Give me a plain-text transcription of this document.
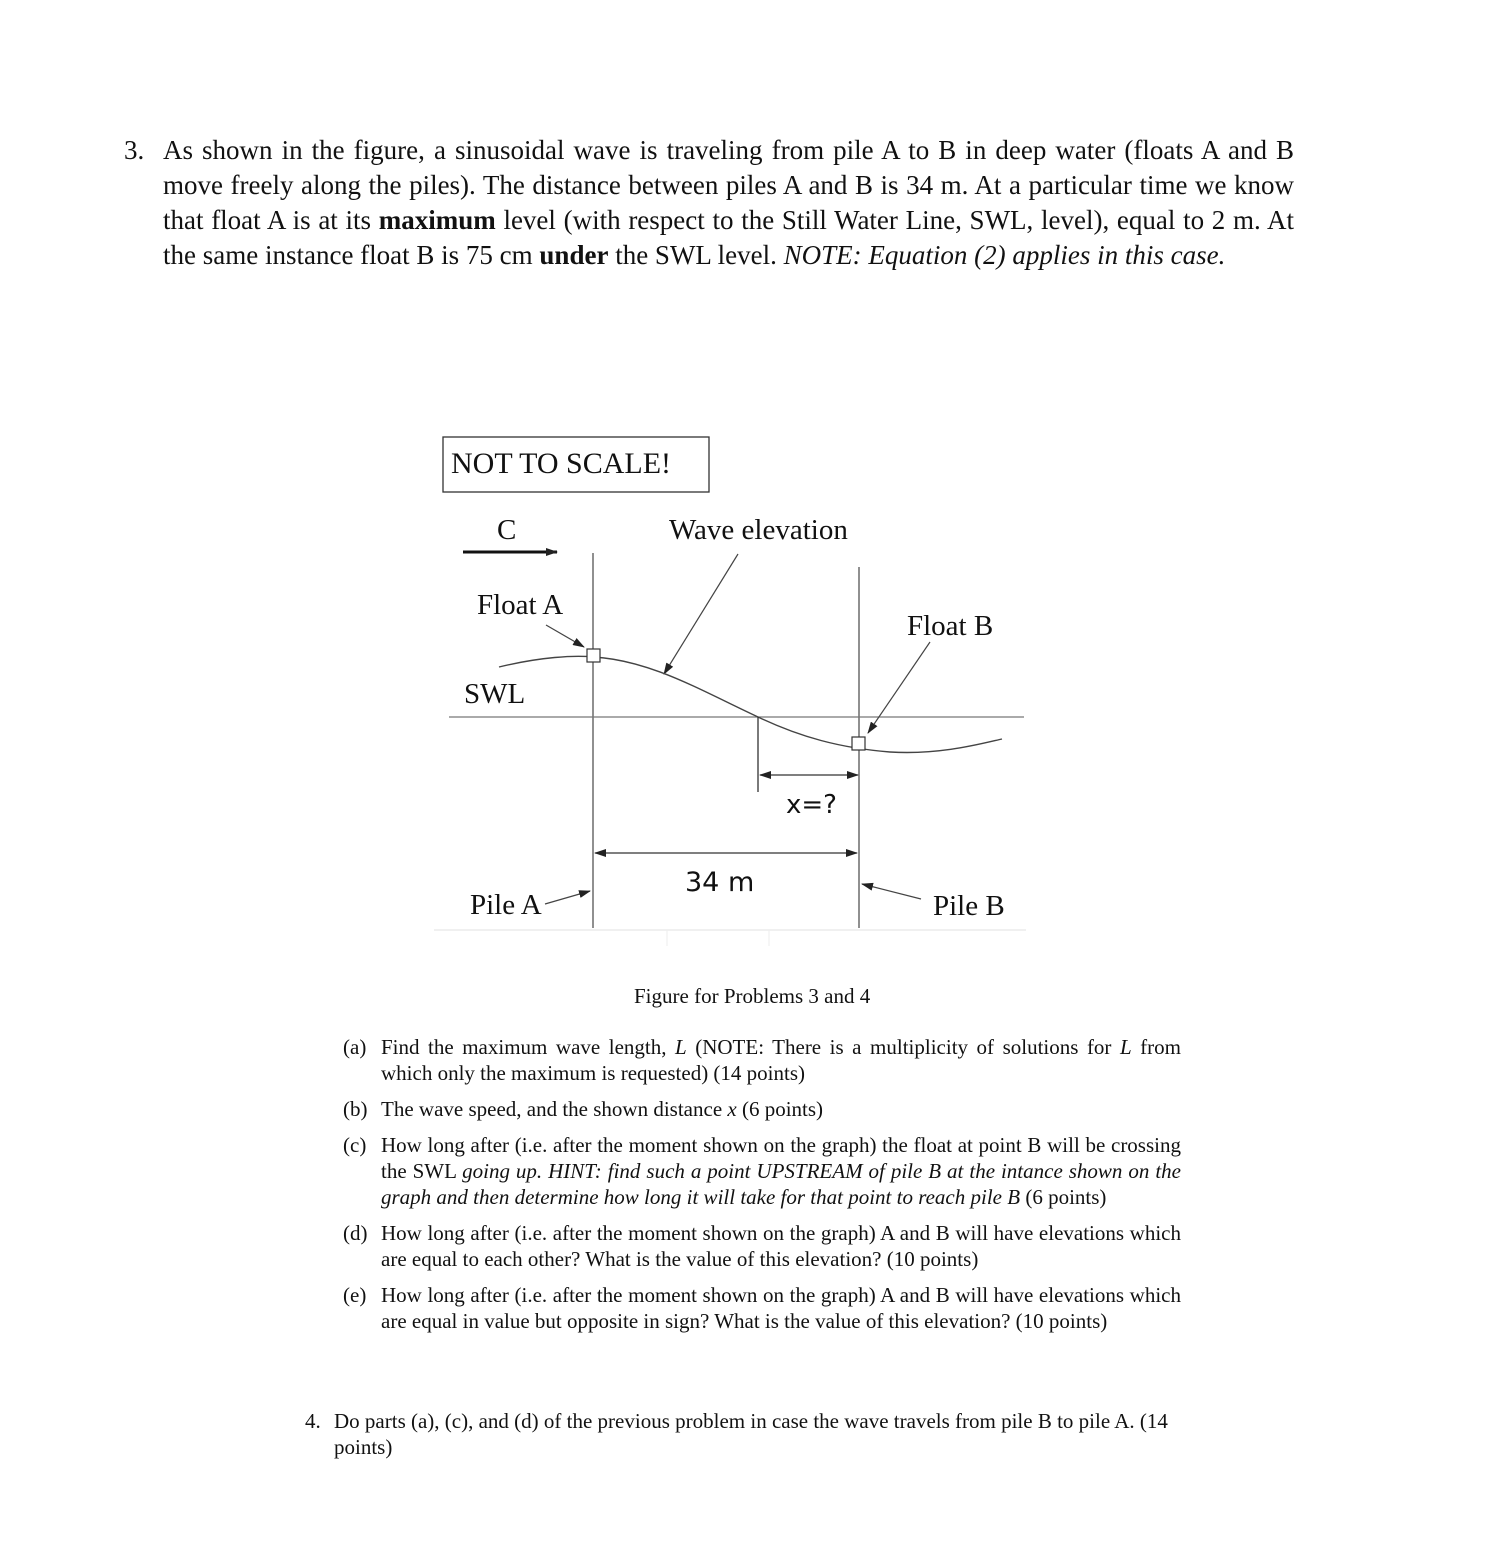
3. As shown in the figure, a sinusoidal wave is traveling from pile A to B in deep water (floats A and B move freely along the piles). The distance between piles A and B is 34 m. At a particular time we know that float A is at its maximum level (with respect to the Still Water Line, SWL, level), equal to 2 m. At the same instance float B is 75 cm under the SWL level. NOTE: Equation (2) applies in this case.
NOT TO SCALE!
C	Wave elevation
SWL
Float A
Float B
x=?
34 m
Pile A	Pile B
Figure for Problems 3 and 4
(a) Find the maximum wave length, L (NOTE: There is a multiplicity of solutions for L from which only the maximum is requested) (14 points)
(b) The wave speed, and the shown distance x (6 points)
(c) How long after (i.e. after the moment shown on the graph) the float at point B will be crossing the SWL going up. HINT: find such a point UPSTREAM of pile B at the intance shown on the graph and then determine how long it will take for that point to reach pile B (6 points)
(d) How long after (i.e. after the moment shown on the graph) A and B will have elevations which are equal to each other? What is the value of this elevation? (10 points)
(e) How long after (i.e. after the moment shown on the graph) A and B will have elevations which are equal in value but opposite in sign? What is the value of this elevation? (10 points)
4. Do parts (a), (c), and (d) of the previous problem in case the wave travels from pile B to pile A. (14 points)
